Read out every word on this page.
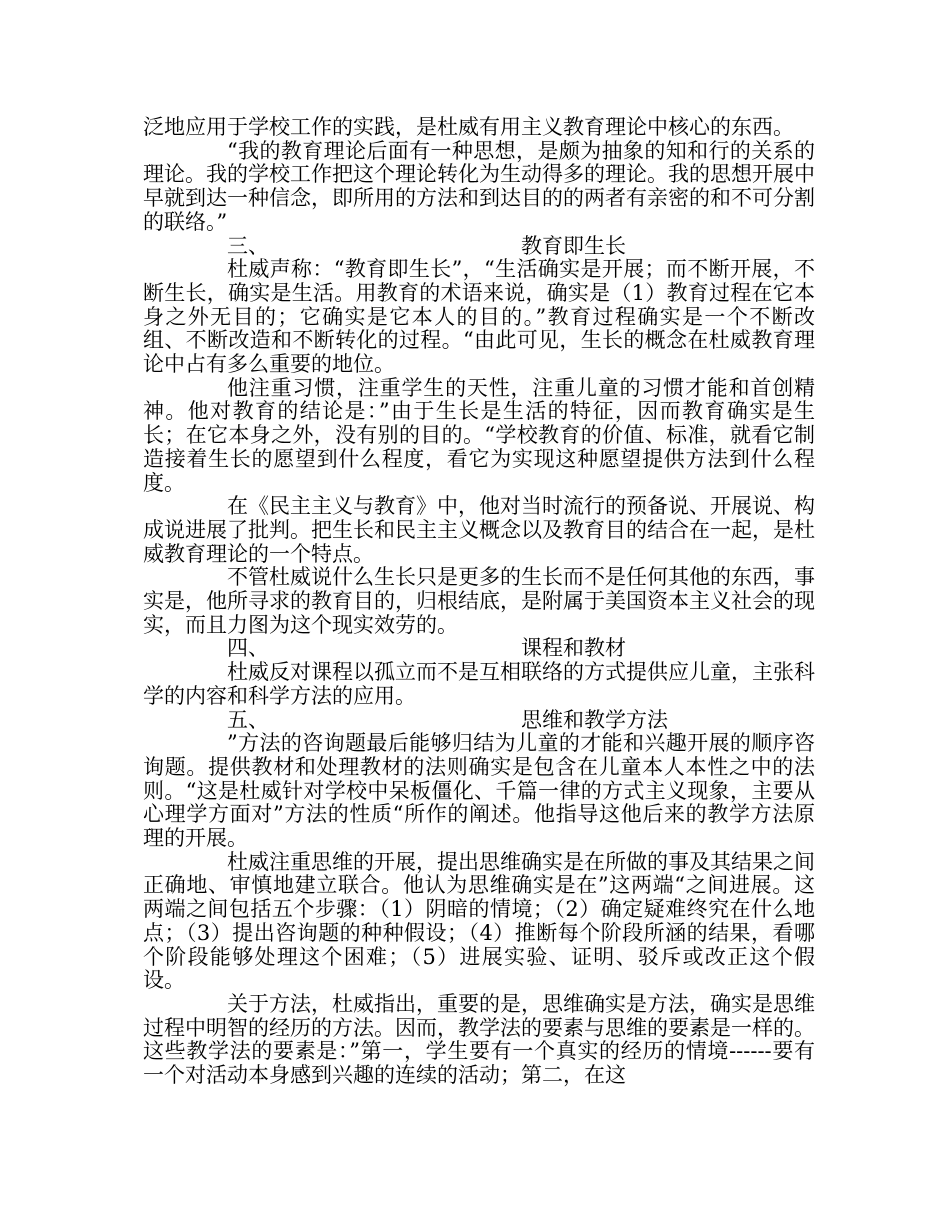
泛地应用于学校工作的实践，是杜威有用主义教育理论中核心的东西。

“我的教育理论后面有一种思想，是颇为抽象的知和行的关系的理论。我的学校工作把这个理论转化为生动得多的理论。我的思想开展中早就到达一种信念，即所用的方法和到达目的的两者有亲密的和不可分割的联络。”

三、	教育即生长

杜威声称：“教育即生长”，“生活确实是开展；而不断开展，不断生长，确实是生活。用教育的术语来说，确实是（1）教育过程在它本身之外无目的；它确实是它本人的目的。”教育过程确实是一个不断改组、不断改造和不断转化的过程。“由此可见，生长的概念在杜威教育理论中占有多么重要的地位。

他注重习惯，注重学生的天性，注重儿童的习惯才能和首创精神。他对教育的结论是：”由于生长是生活的特征，因而教育确实是生长；在它本身之外，没有别的目的。“学校教育的价值、标准，就看它制造接着生长的愿望到什么程度，看它为实现这种愿望提供方法到什么程度。

在《民主主义与教育》中，他对当时流行的预备说、开展说、构成说进展了批判。把生长和民主主义概念以及教育目的结合在一起，是杜威教育理论的一个特点。

不管杜威说什么生长只是更多的生长而不是任何其他的东西，事实是，他所寻求的教育目的，归根结底，是附属于美国资本主义社会的现实，而且力图为这个现实效劳的。

四、	课程和教材

杜威反对课程以孤立而不是互相联络的方式提供应儿童，主张科学的内容和科学方法的应用。

五、	思维和教学方法

”方法的咨询题最后能够归结为儿童的才能和兴趣开展的顺序咨询题。提供教材和处理教材的法则确实是包含在儿童本人本性之中的法则。“这是杜威针对学校中呆板僵化、千篇一律的方式主义现象，主要从心理学方面对”方法的性质“所作的阐述。他指导这他后来的教学方法原理的开展。

杜威注重思维的开展，提出思维确实是在所做的事及其结果之间正确地、审慎地建立联合。他认为思维确实是在”这两端“之间进展。这两端之间包括五个步骤：（1）阴暗的情境；（2）确定疑难终究在什么地点；（3）提出咨询题的种种假设；（4）推断每个阶段所涵的结果，看哪个阶段能够处理这个困难；（5）进展实验、证明、驳斥或改正这个假设。

关于方法，杜威指出，重要的是，思维确实是方法，确实是思维过程中明智的经历的方法。因而，教学法的要素与思维的要素是一样的。这些教学法的要素是：”第一，学生要有一个真实的经历的情境------要有一个对活动本身感到兴趣的连续的活动；第二，在这
